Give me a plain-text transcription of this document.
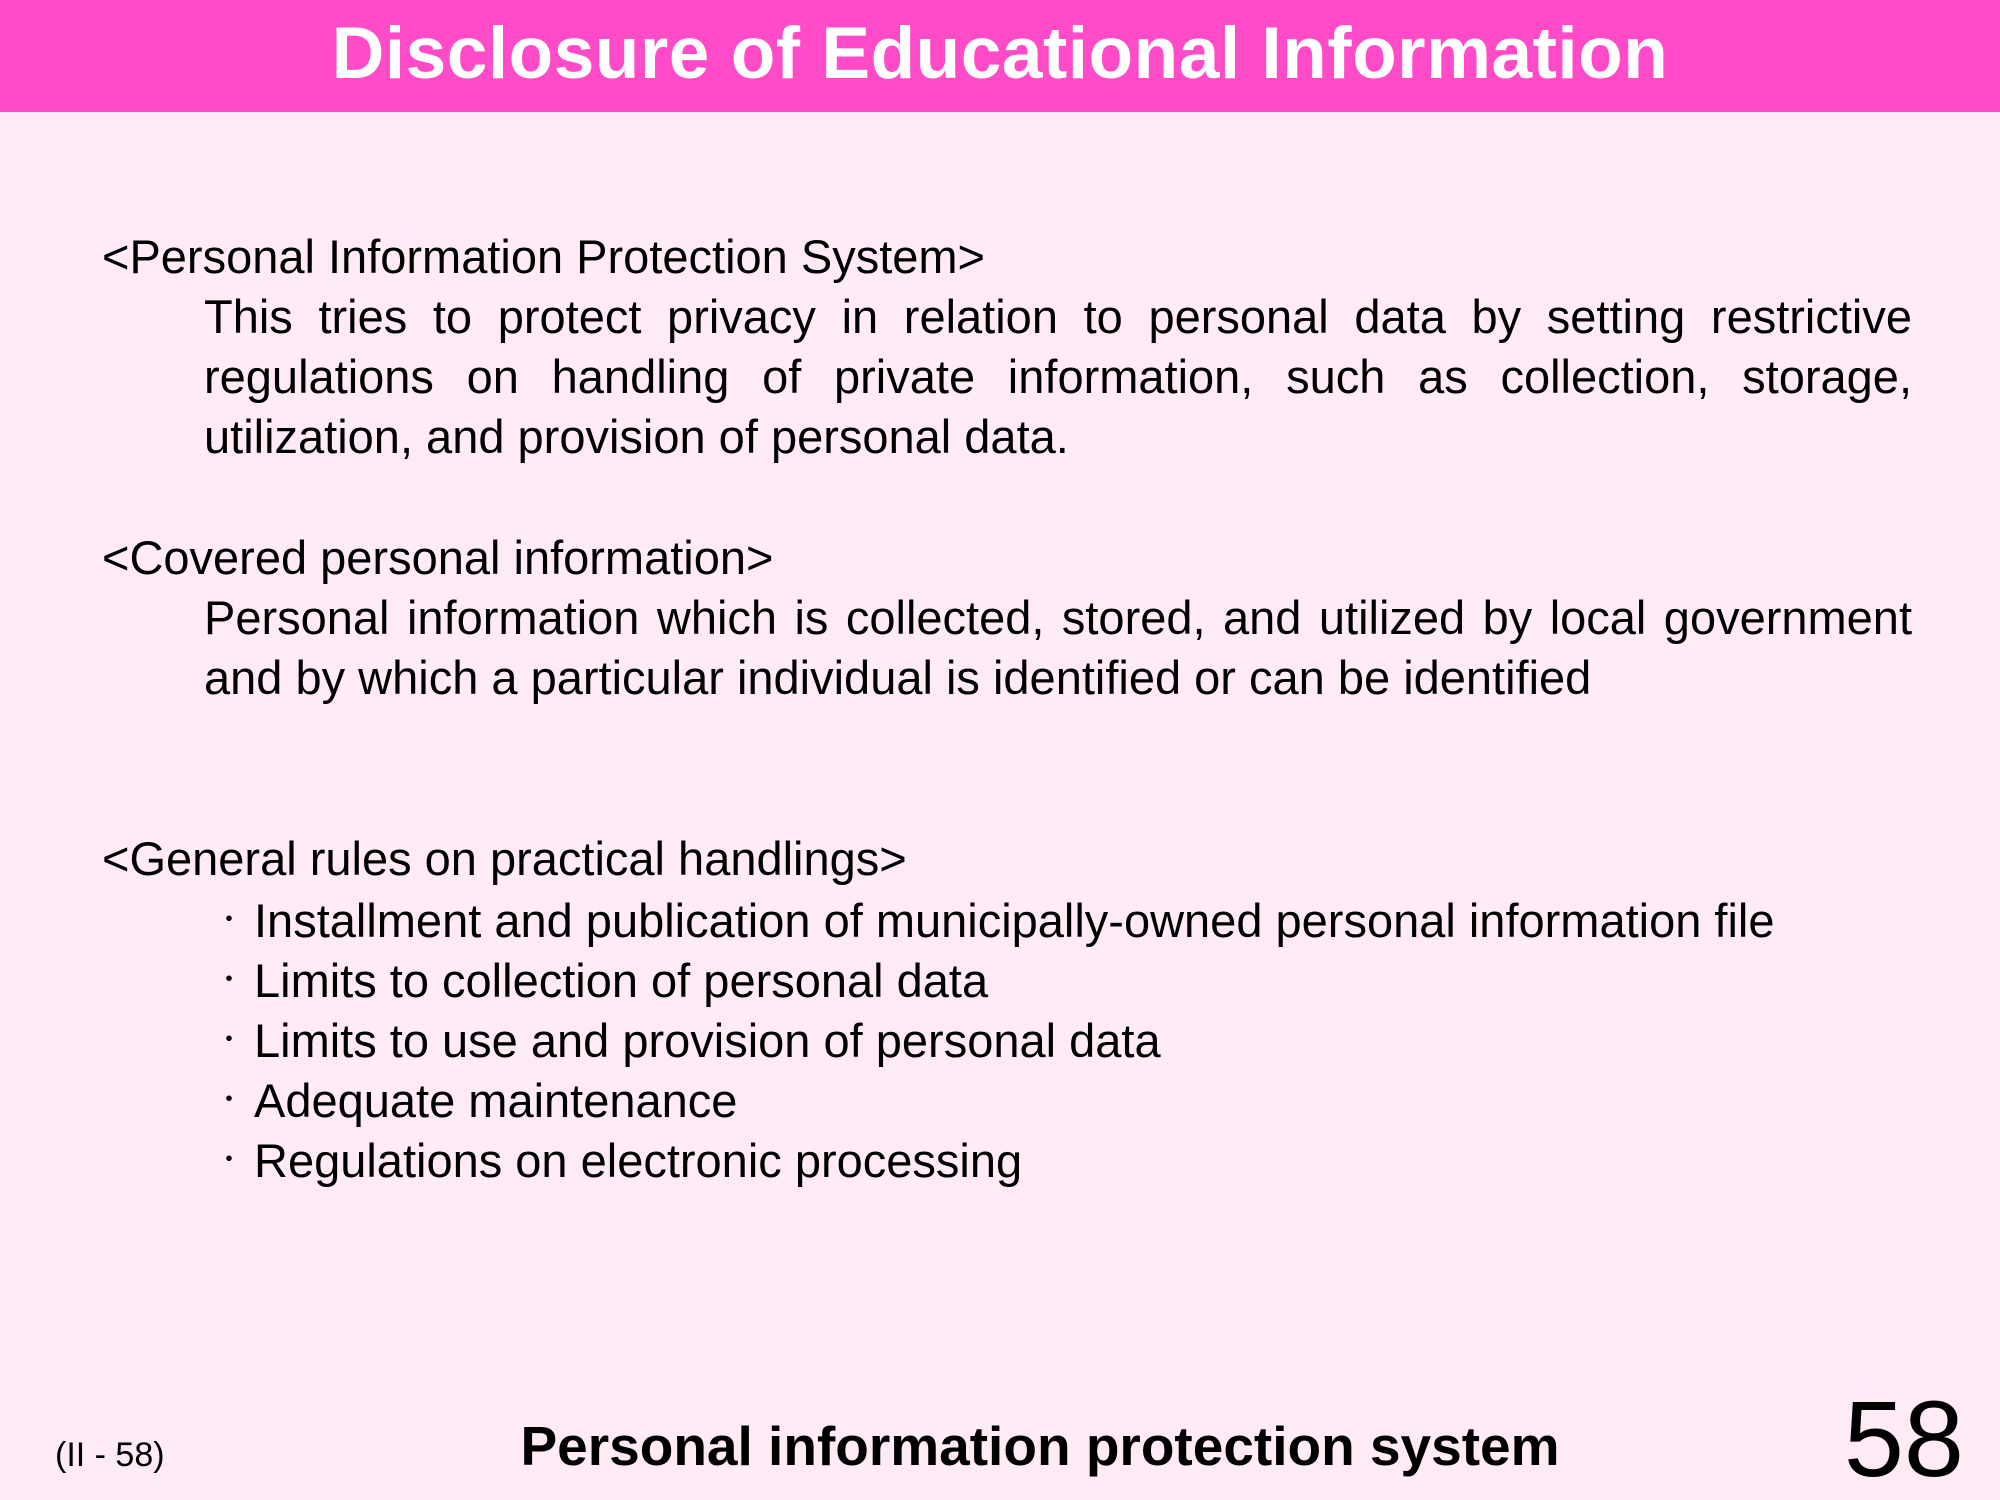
Disclosure of Educational Information
<Personal Information Protection System>
This tries to protect privacy in relation to personal data by setting restrictive regulations on handling of private information, such as collection, storage, utilization, and provision of personal data.
<Covered personal information>
Personal information which is collected, stored, and utilized by local government and by which a particular individual is identified or can be identified
<General rules on practical handlings>
・ Installment and publication of municipally-owned personal information file
・ Limits to collection of personal data
・ Limits to use and provision of personal data
・ Adequate maintenance
・ Regulations on electronic processing
(II - 58)	Personal information protection system	58
